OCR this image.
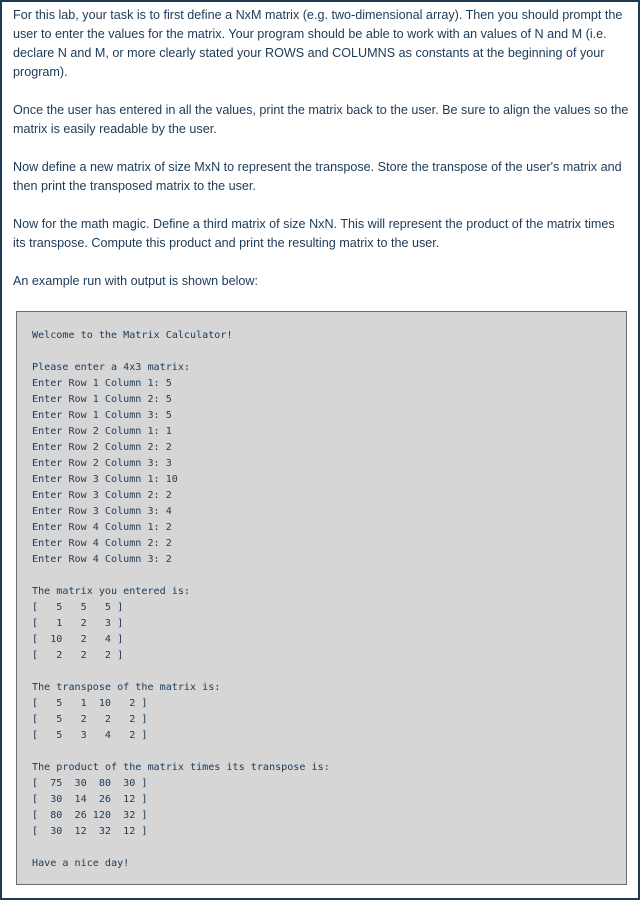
For this lab, your task is to first define a NxM matrix (e.g. two-dimensional array). Then you should prompt the user to enter the values for the matrix. Your program should be able to work with an values of N and M (i.e. declare N and M, or more clearly stated your ROWS and COLUMNS as constants at the beginning of your program).

Once the user has entered in all the values, print the matrix back to the user. Be sure to align the values so the matrix is easily readable by the user.

Now define a new matrix of size MxN to represent the transpose. Store the transpose of the user's matrix and then print the transposed matrix to the user.

Now for the math magic. Define a third matrix of size NxN. This will represent the product of the matrix times its transpose. Compute this product and print the resulting matrix to the user.

An example run with output is shown below:

Welcome to the Matrix Calculator!
Please enter a 4x3 matrix:
Enter Row 1 Column 1: 5
Enter Row 1 Column 2: 5
Enter Row 1 Column 3: 5
Enter Row 2 Column 1: 1
Enter Row 2 Column 2: 2
Enter Row 2 Column 3: 3
Enter Row 3 Column 1: 10
Enter Row 3 Column 2: 2
Enter Row 3 Column 3: 4
Enter Row 4 Column 1: 2
Enter Row 4 Column 2: 2
Enter Row 4 Column 3: 2
The matrix you entered is:
[   5   5   5 ]
[   1   2   3 ]
[  10   2   4 ]
[   2   2   2 ]
The transpose of the matrix is:
[   5   1  10   2 ]
[   5   2   2   2 ]
[   5   3   4   2 ]
The product of the matrix times its transpose is:
[  75  30  80  30 ]
[  30  14  26  12 ]
[  80  26 120  32 ]
[  30  12  32  12 ]
Have a nice day!
